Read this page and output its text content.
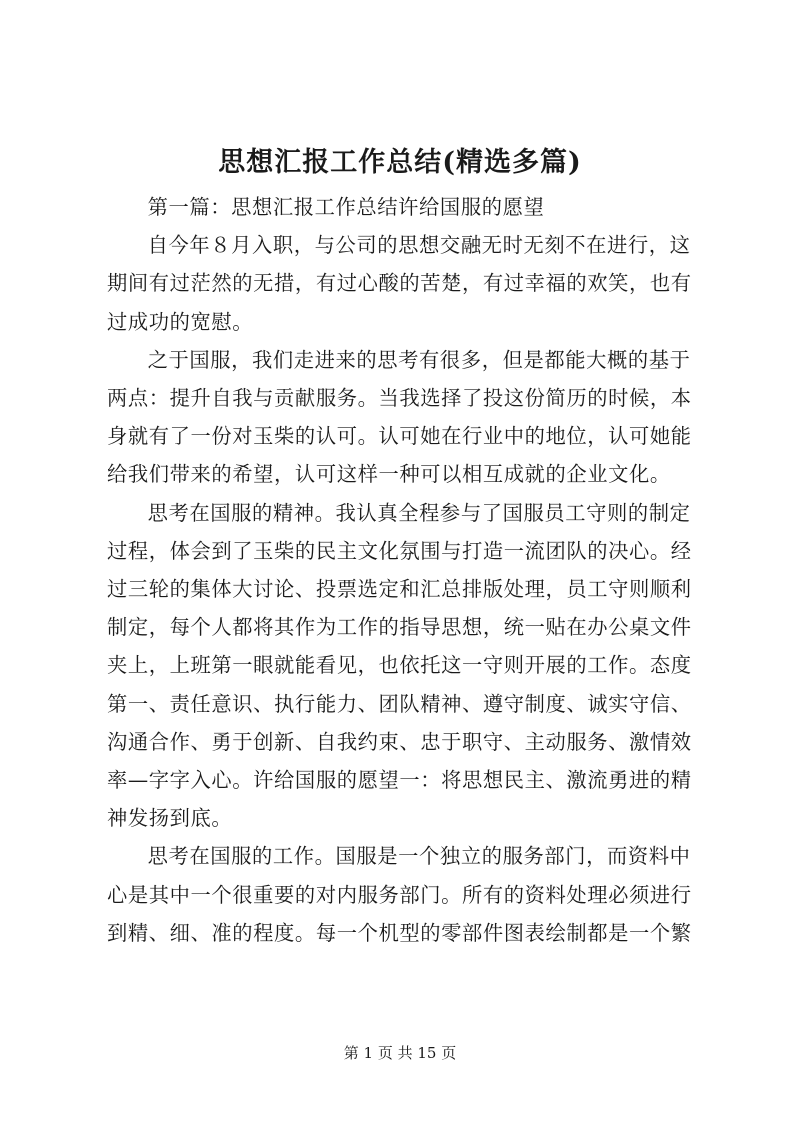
思想汇报工作总结(精选多篇)
第一篇：思想汇报工作总结许给国服的愿望
自今年８月入职，与公司的思想交融无时无刻不在进行，这
期间有过茫然的无措，有过心酸的苦楚，有过幸福的欢笑，也有
过成功的宽慰。
之于国服，我们走进来的思考有很多，但是都能大概的基于
两点：提升自我与贡献服务。当我选择了投这份简历的时候，本
身就有了一份对玉柴的认可。认可她在行业中的地位，认可她能
给我们带来的希望，认可这样一种可以相互成就的企业文化。
思考在国服的精神。我认真全程参与了国服员工守则的制定
过程，体会到了玉柴的民主文化氛围与打造一流团队的决心。经
过三轮的集体大讨论、投票选定和汇总排版处理，员工守则顺利
制定，每个人都将其作为工作的指导思想，统一贴在办公桌文件
夹上，上班第一眼就能看见，也依托这一守则开展的工作。态度
第一、责任意识、执行能力、团队精神、遵守制度、诚实守信、
沟通合作、勇于创新、自我约束、忠于职守、主动服务、激情效
率—字字入心。许给国服的愿望一：将思想民主、激流勇进的精
神发扬到底。
思考在国服的工作。国服是一个独立的服务部门，而资料中
心是其中一个很重要的对内服务部门。所有的资料处理必须进行
到精、细、准的程度。每一个机型的零部件图表绘制都是一个繁
第 1 页 共 15 页
